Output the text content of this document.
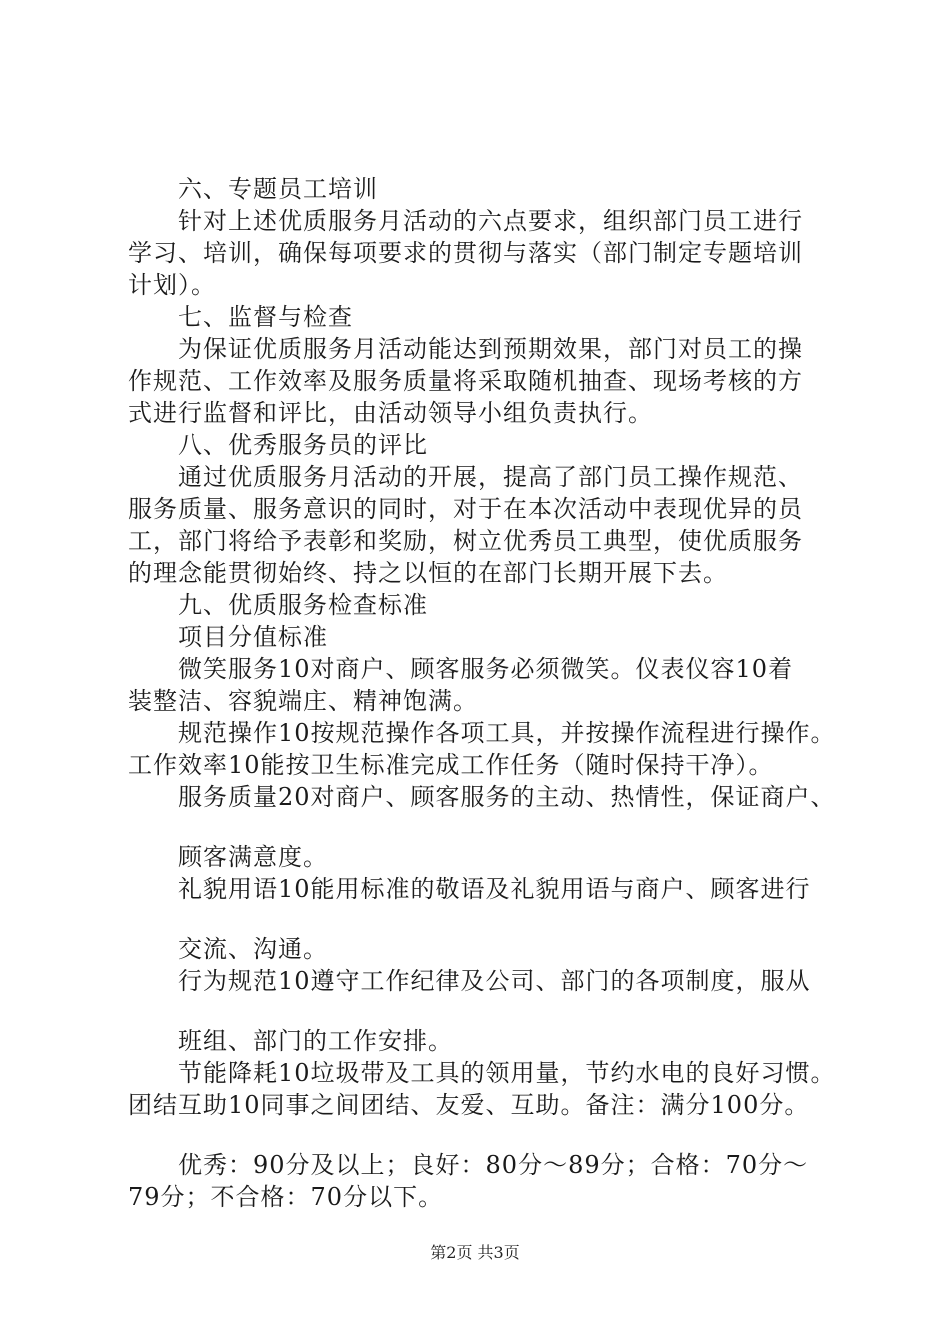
六、专题员工培训
针对上述优质服务月活动的六点要求，组织部门员工进行
学习、培训，确保每项要求的贯彻与落实（部门制定专题培训
计划）。
七、监督与检查
为保证优质服务月活动能达到预期效果，部门对员工的操
作规范、工作效率及服务质量将采取随机抽查、现场考核的方
式进行监督和评比，由活动领导小组负责执行。
八、优秀服务员的评比
通过优质服务月活动的开展，提高了部门员工操作规范、
服务质量、服务意识的同时，对于在本次活动中表现优异的员
工，部门将给予表彰和奖励，树立优秀员工典型，使优质服务
的理念能贯彻始终、持之以恒的在部门长期开展下去。
九、优质服务检查标准
项目分值标准
微笑服务10对商户、顾客服务必须微笑。仪表仪容10着
装整洁、容貌端庄、精神饱满。
规范操作10按规范操作各项工具，并按操作流程进行操作。
工作效率10能按卫生标准完成工作任务（随时保持干净）。
服务质量20对商户、顾客服务的主动、热情性，保证商户、
顾客满意度。
礼貌用语10能用标准的敬语及礼貌用语与商户、顾客进行
交流、沟通。
行为规范10遵守工作纪律及公司、部门的各项制度，服从
班组、部门的工作安排。
节能降耗10垃圾带及工具的领用量，节约水电的良好习惯。
团结互助10同事之间团结、友爱、互助。备注：满分100分。
优秀：90分及以上；良好：80分～89分；合格：70分～
79分；不合格：70分以下。
第2页 共3页
